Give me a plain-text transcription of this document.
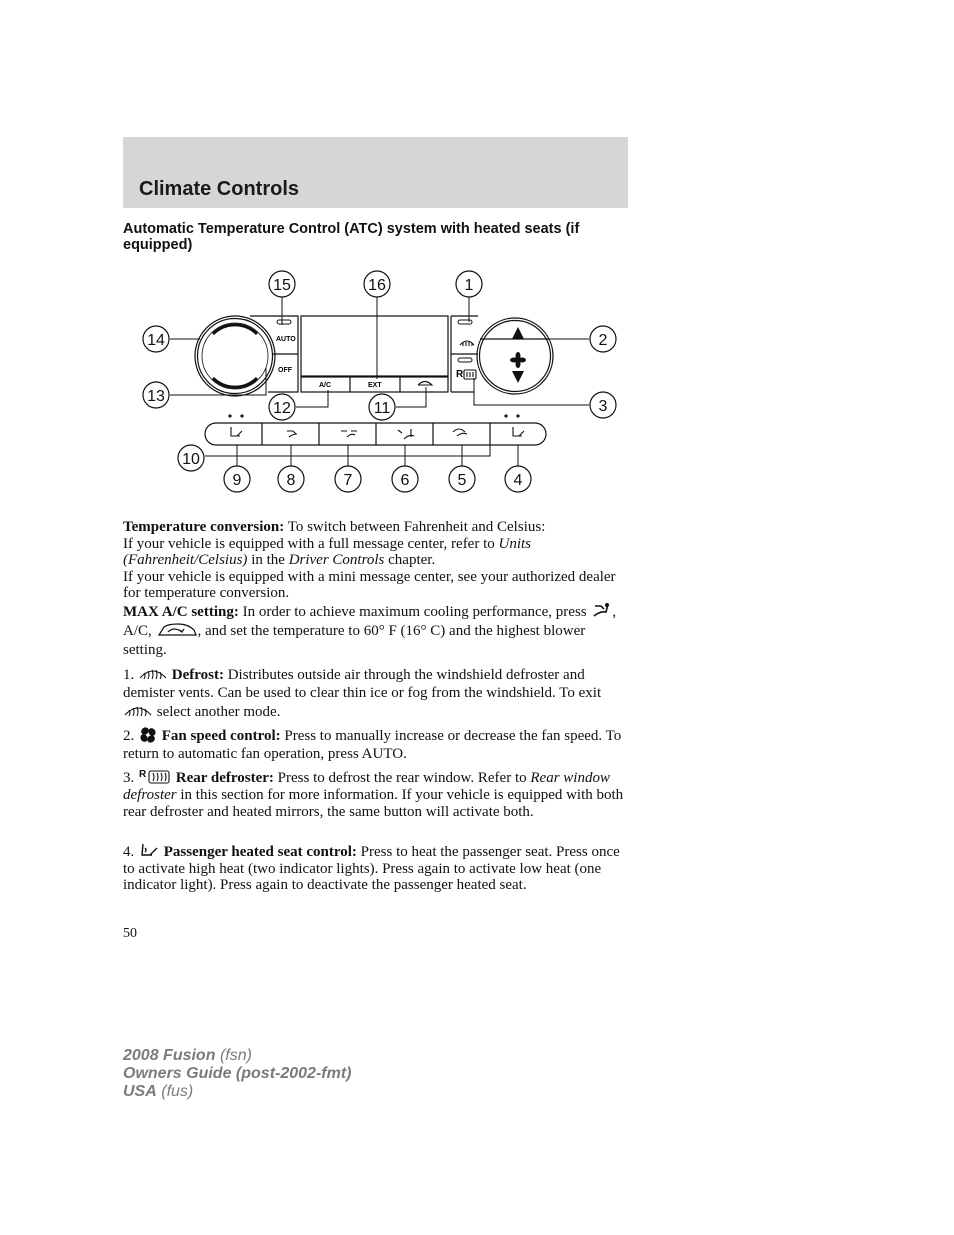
Climate Controls

Automatic Temperature Control (ATC) system with heated seats (if equipped)

AUTO
OFF
A/C	EXT
R
15	16	1
14	2
13
3
12	11
10
9	8	7	6	5	4

Temperature conversion: To switch between Fahrenheit and Celsius:

If your vehicle is equipped with a full message center, refer to Units (Fahrenheit/Celsius) in the Driver Controls chapter.

If your vehicle is equipped with a mini message center, see your authorized dealer for temperature conversion.

MAX A/C setting: In order to achieve maximum cooling performance, press , A/C,	, and set the temperature to 60° F (16° C) and the highest blower setting.

1.	Defrost: Distributes outside air through the windshield defroster and demister vents. Can be used to clear thin ice or fog from the windshield. To exit  select another mode.

2. Fan speed control: Press to manually increase or decrease the fan speed. To return to automatic fan operation, press AUTO.

3. R Rear defroster: Press to defrost the rear window. Refer to Rear window defroster in this section for more information. If your vehicle is equipped with both rear defroster and heated mirrors, the same button will activate both.

4. Passenger heated seat control: Press to heat the passenger seat. Press once to activate high heat (two indicator lights). Press again to activate low heat (one indicator light). Press again to deactivate the passenger heated seat.

50
2008 Fusion (fsn)
Owners Guide (post-2002-fmt)
USA (fus)
